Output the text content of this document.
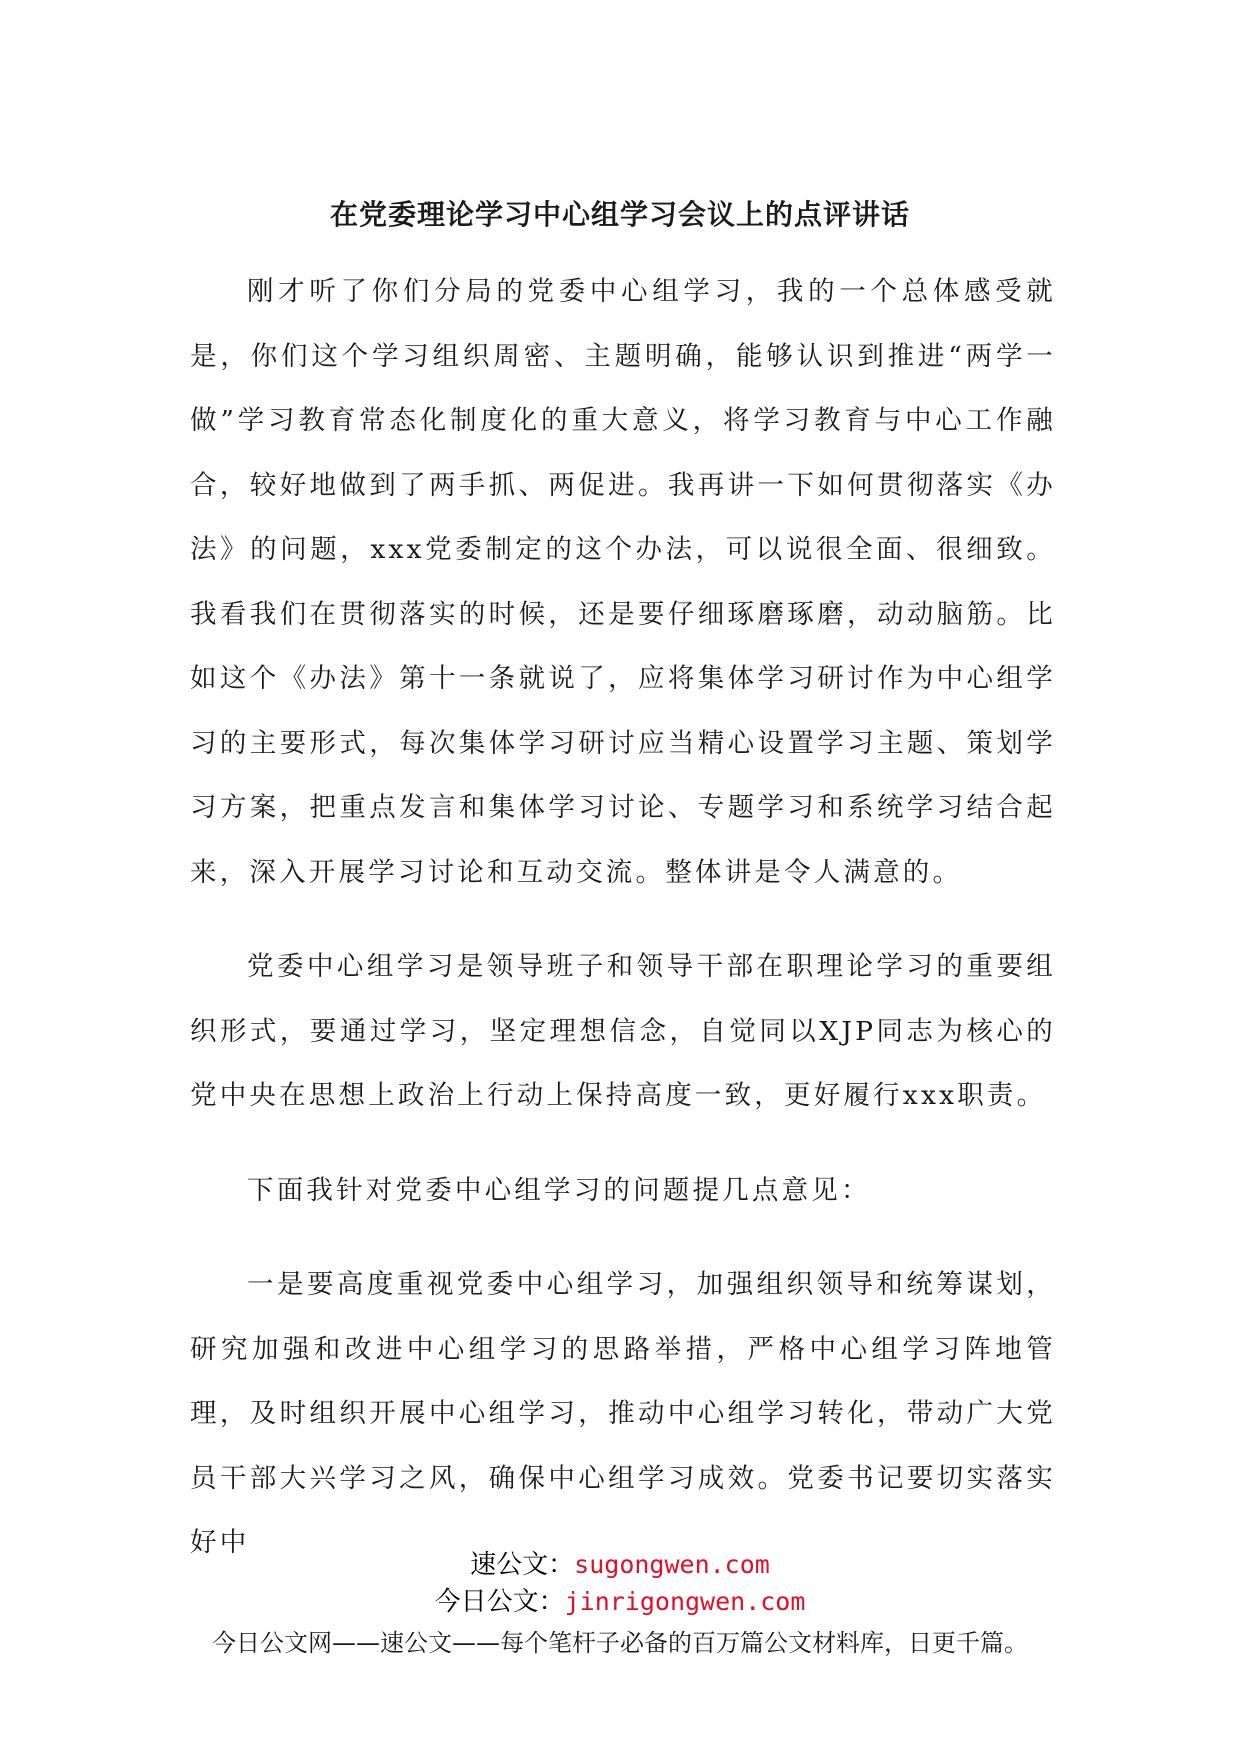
在党委理论学习中心组学习会议上的点评讲话

刚才听了你们分局的党委中心组学习，我的一个总体感受就是，你们这个学习组织周密、主题明确，能够认识到推进“两学一做”学习教育常态化制度化的重大意义，将学习教育与中心工作融合，较好地做到了两手抓、两促进。我再讲一下如何贯彻落实《办法》的问题，xxx党委制定的这个办法，可以说很全面、很细致。我看我们在贯彻落实的时候，还是要仔细琢磨琢磨，动动脑筋。比如这个《办法》第十一条就说了，应将集体学习研讨作为中心组学习的主要形式，每次集体学习研讨应当精心设置学习主题、策划学习方案，把重点发言和集体学习讨论、专题学习和系统学习结合起来，深入开展学习讨论和互动交流。整体讲是令人满意的。

党委中心组学习是领导班子和领导干部在职理论学习的重要组织形式，要通过学习，坚定理想信念，自觉同以XJP同志为核心的党中央在思想上政治上行动上保持高度一致，更好履行xxx职责。

下面我针对党委中心组学习的问题提几点意见：

一是要高度重视党委中心组学习，加强组织领导和统筹谋划，研究加强和改进中心组学习的思路举措，严格中心组学习阵地管理，及时组织开展中心组学习，推动中心组学习转化，带动广大党员干部大兴学习之风，确保中心组学习成效。党委书记要切实落实好中

速公文：sugongwen.com
今日公文：jinrigongwen.com
今日公文网——速公文——每个笔杆子必备的百万篇公文材料库，日更千篇。
